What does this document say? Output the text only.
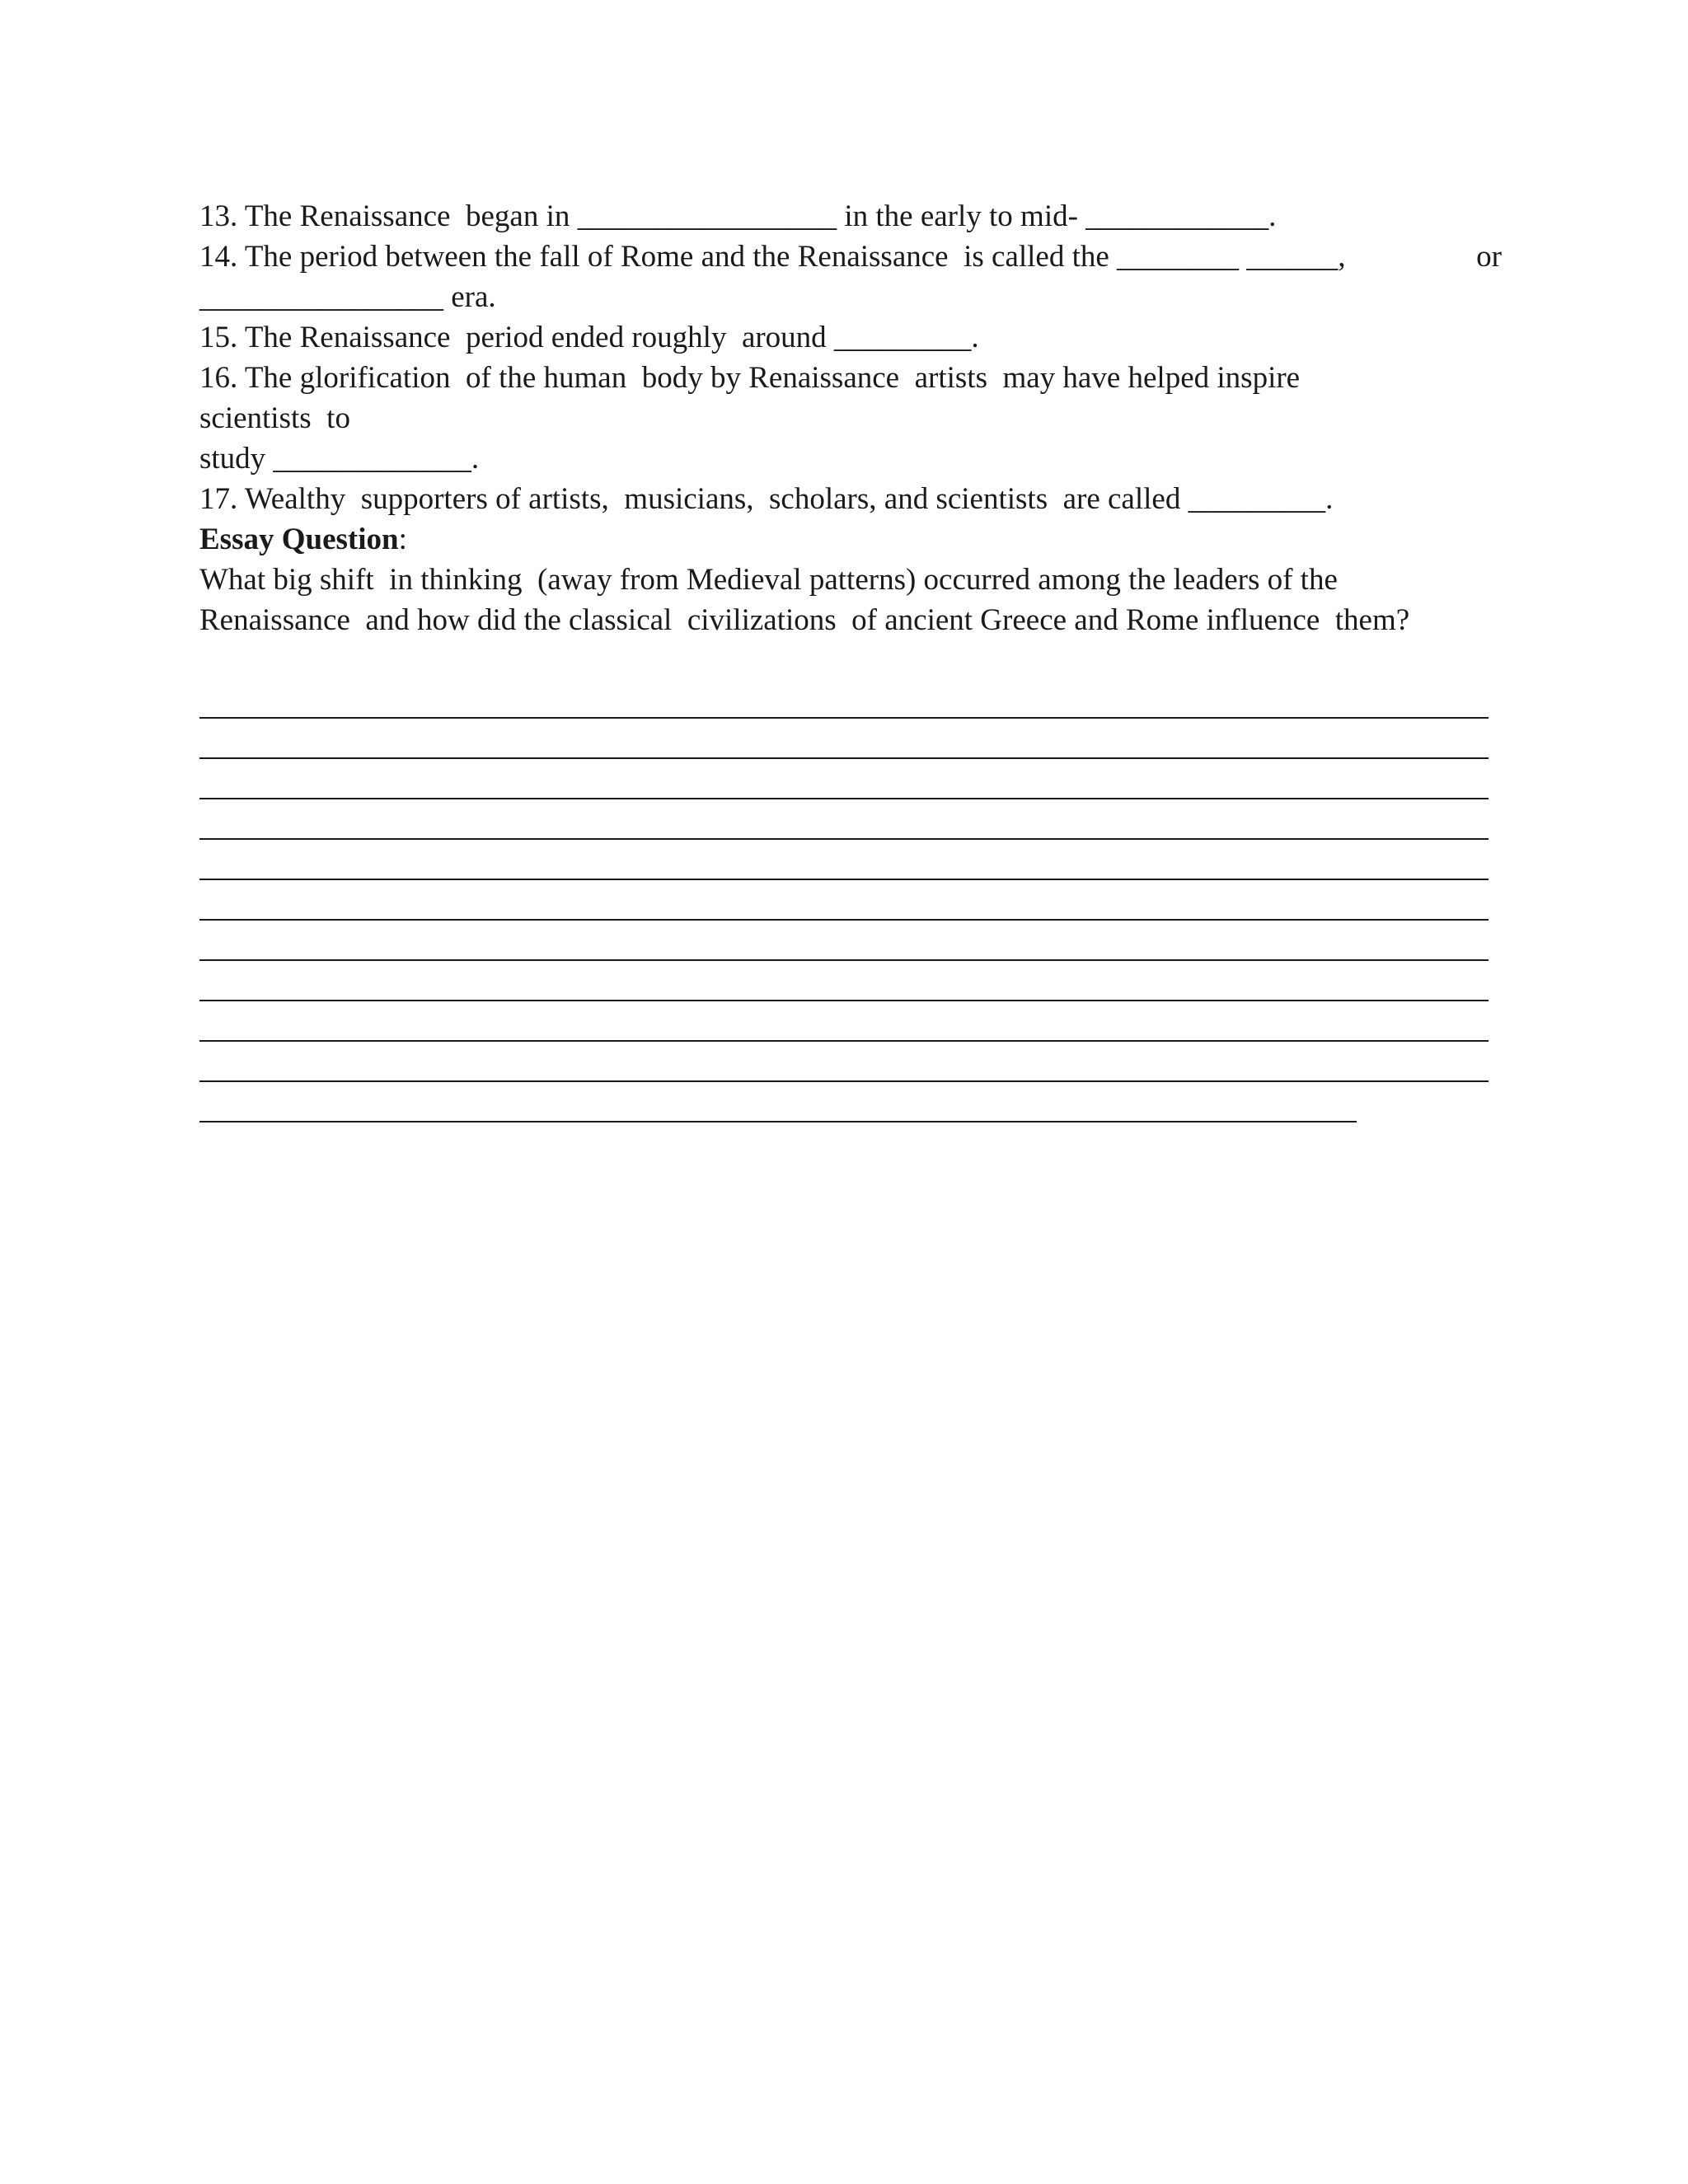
13. The Renaissance  began in _________________ in the early to mid- ____________.
14. The period between the fall of Rome and the Renaissance  is called the ________ ______,	or
________________ era.
15. The Renaissance  period ended roughly  around _________.
16. The glorification  of the human  body by Renaissance  artists  may have helped inspire
scientists  to
study _____________.
17. Wealthy  supporters of artists,  musicians,  scholars, and scientists  are called _________.
Essay Question:
What big shift  in thinking  (away from Medieval patterns) occurred among the leaders of the
Renaissance  and how did the classical  civilizations  of ancient Greece and Rome influence  them?
